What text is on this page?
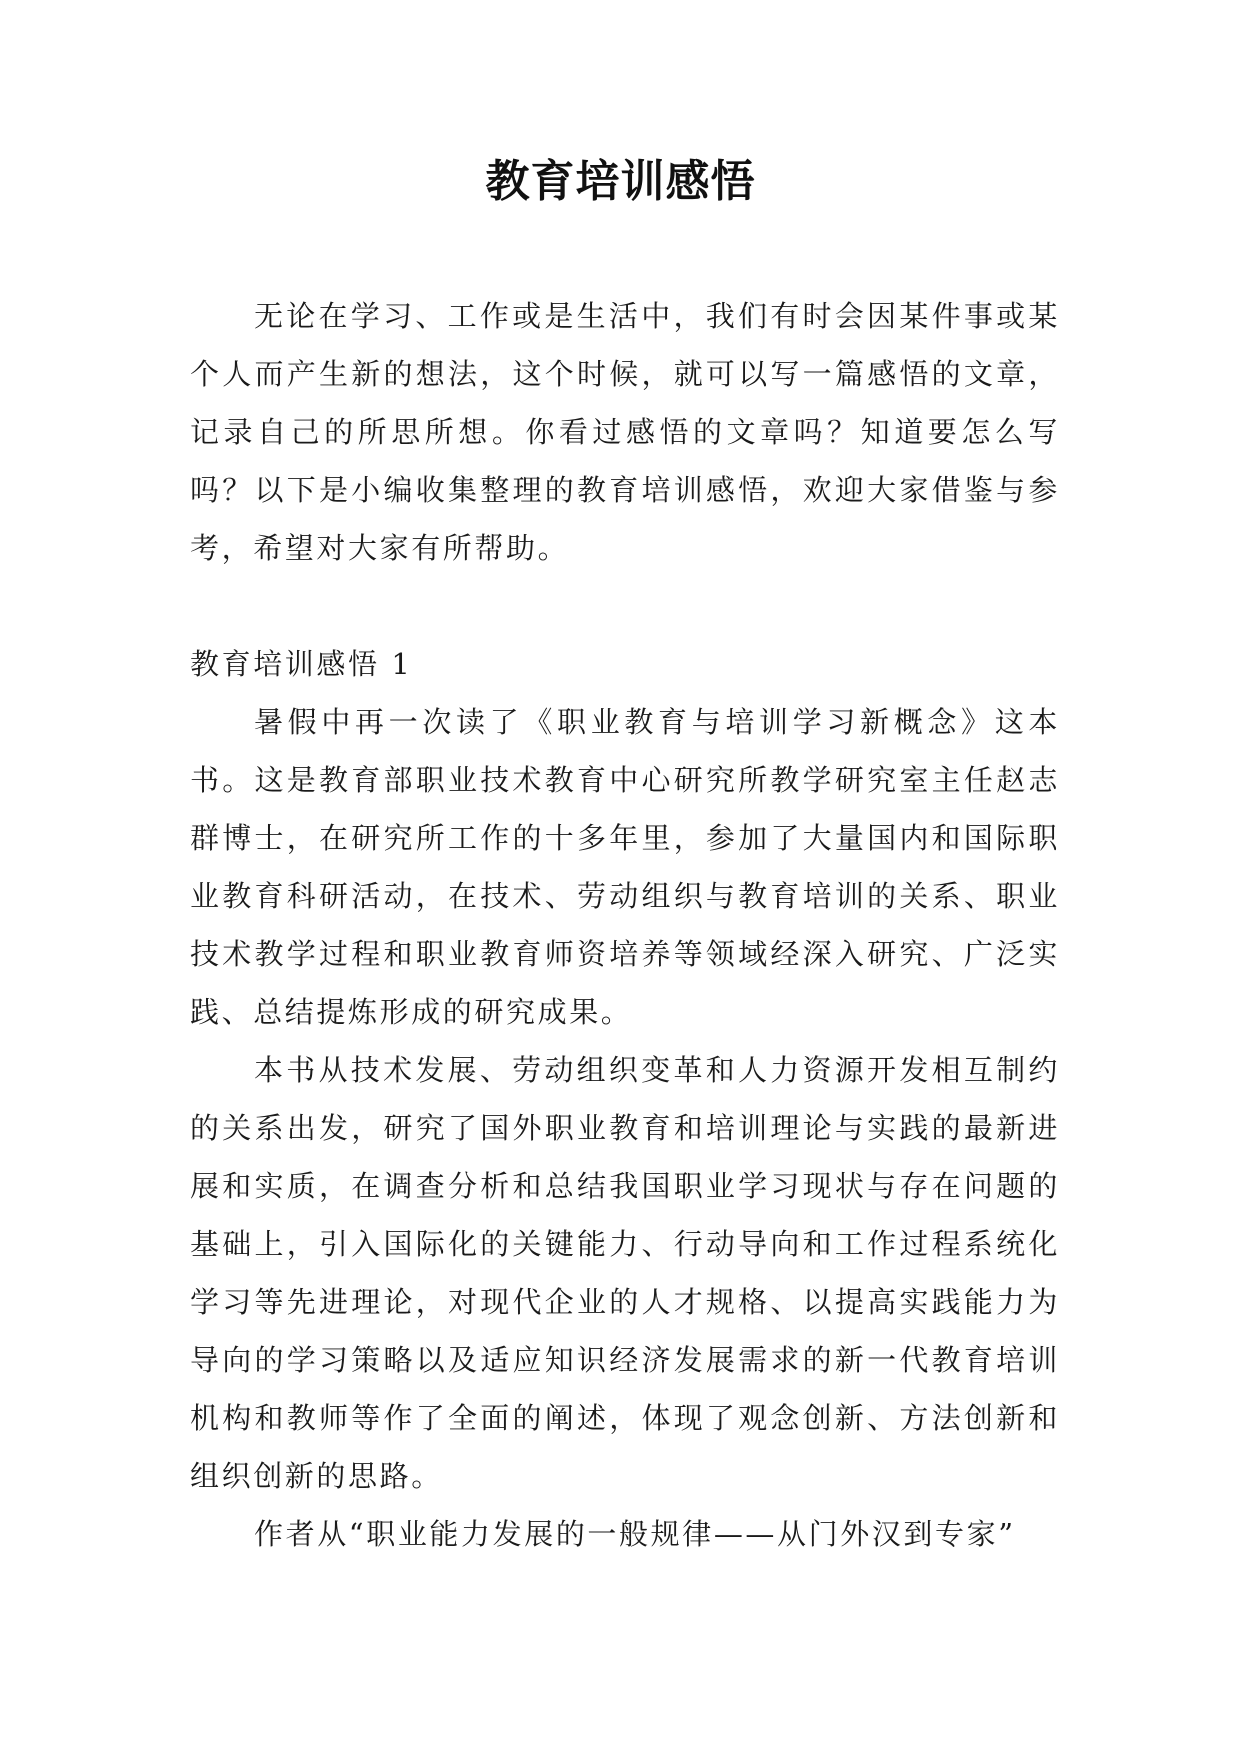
教育培训感悟

无论在学习、工作或是生活中，我们有时会因某件事或某个人而产生新的想法，这个时候，就可以写一篇感悟的文章，记录自己的所思所想。你看过感悟的文章吗？知道要怎么写吗？以下是小编收集整理的教育培训感悟，欢迎大家借鉴与参考，希望对大家有所帮助。

教育培训感悟 1

暑假中再一次读了《职业教育与培训学习新概念》这本书。这是教育部职业技术教育中心研究所教学研究室主任赵志群博士，在研究所工作的十多年里，参加了大量国内和国际职业教育科研活动，在技术、劳动组织与教育培训的关系、职业技术教学过程和职业教育师资培养等领域经深入研究、广泛实践、总结提炼形成的研究成果。

本书从技术发展、劳动组织变革和人力资源开发相互制约的关系出发，研究了国外职业教育和培训理论与实践的最新进展和实质，在调查分析和总结我国职业学习现状与存在问题的基础上，引入国际化的关键能力、行动导向和工作过程系统化学习等先进理论，对现代企业的人才规格、以提高实践能力为导向的学习策略以及适应知识经济发展需求的新一代教育培训机构和教师等作了全面的阐述，体现了观念创新、方法创新和组织创新的思路。

作者从“职业能力发展的一般规律——从门外汉到专家”
